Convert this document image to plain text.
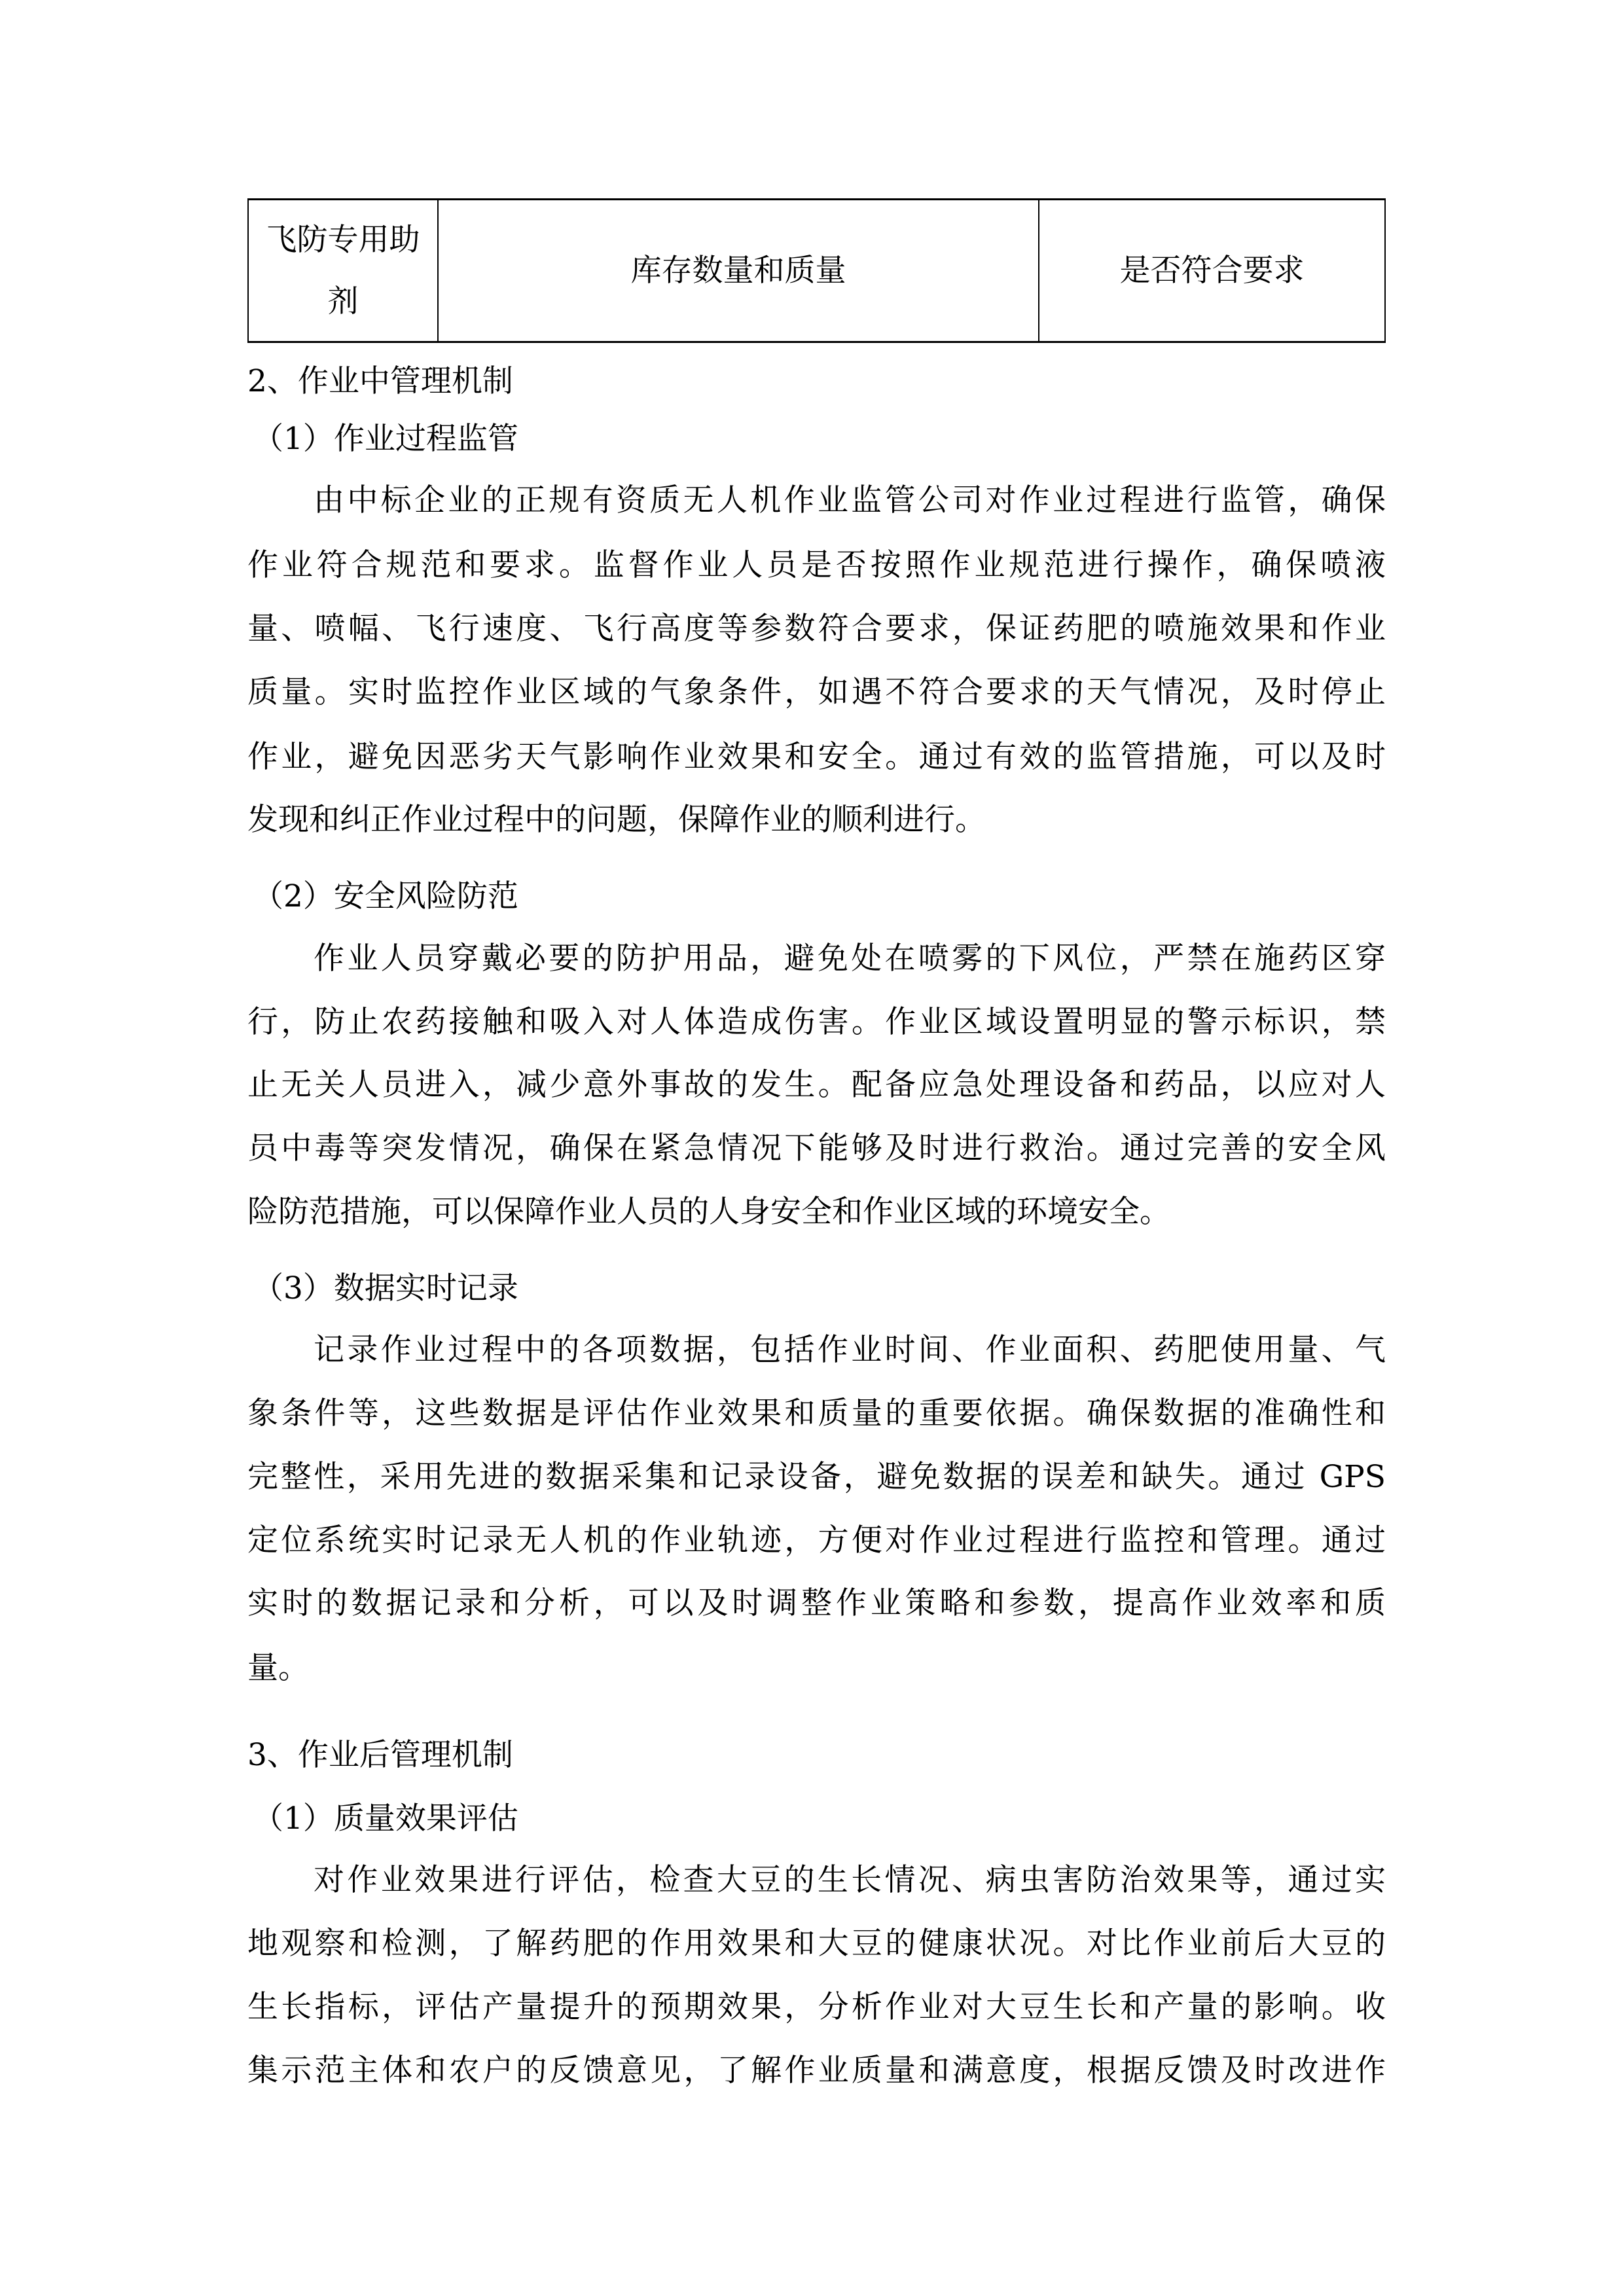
飞防专用助剂
库存数量和质量	是否符合要求
2、作业中管理机制
（1）作业过程监管
由中标企业的正规有资质无人机作业监管公司对作业过程进行监管，确保
作业符合规范和要求。监督作业人员是否按照作业规范进行操作，确保喷液
量、喷幅、飞行速度、飞行高度等参数符合要求，保证药肥的喷施效果和作业
质量。实时监控作业区域的气象条件，如遇不符合要求的天气情况，及时停止
作业，避免因恶劣天气影响作业效果和安全。通过有效的监管措施，可以及时
发现和纠正作业过程中的问题，保障作业的顺利进行。
（2）安全风险防范
作业人员穿戴必要的防护用品，避免处在喷雾的下风位，严禁在施药区穿
行，防止农药接触和吸入对人体造成伤害。作业区域设置明显的警示标识，禁
止无关人员进入，减少意外事故的发生。配备应急处理设备和药品，以应对人
员中毒等突发情况，确保在紧急情况下能够及时进行救治。通过完善的安全风
险防范措施，可以保障作业人员的人身安全和作业区域的环境安全。
（3）数据实时记录
记录作业过程中的各项数据，包括作业时间、作业面积、药肥使用量、气
象条件等，这些数据是评估作业效果和质量的重要依据。确保数据的准确性和
完整性，采用先进的数据采集和记录设备，避免数据的误差和缺失。通过 GPS
定位系统实时记录无人机的作业轨迹，方便对作业过程进行监控和管理。通过
实时的数据记录和分析，可以及时调整作业策略和参数，提高作业效率和质
量。
3、作业后管理机制
（1）质量效果评估
对作业效果进行评估，检查大豆的生长情况、病虫害防治效果等，通过实
地观察和检测，了解药肥的作用效果和大豆的健康状况。对比作业前后大豆的
生长指标，评估产量提升的预期效果，分析作业对大豆生长和产量的影响。收
集示范主体和农户的反馈意见，了解作业质量和满意度，根据反馈及时改进作
